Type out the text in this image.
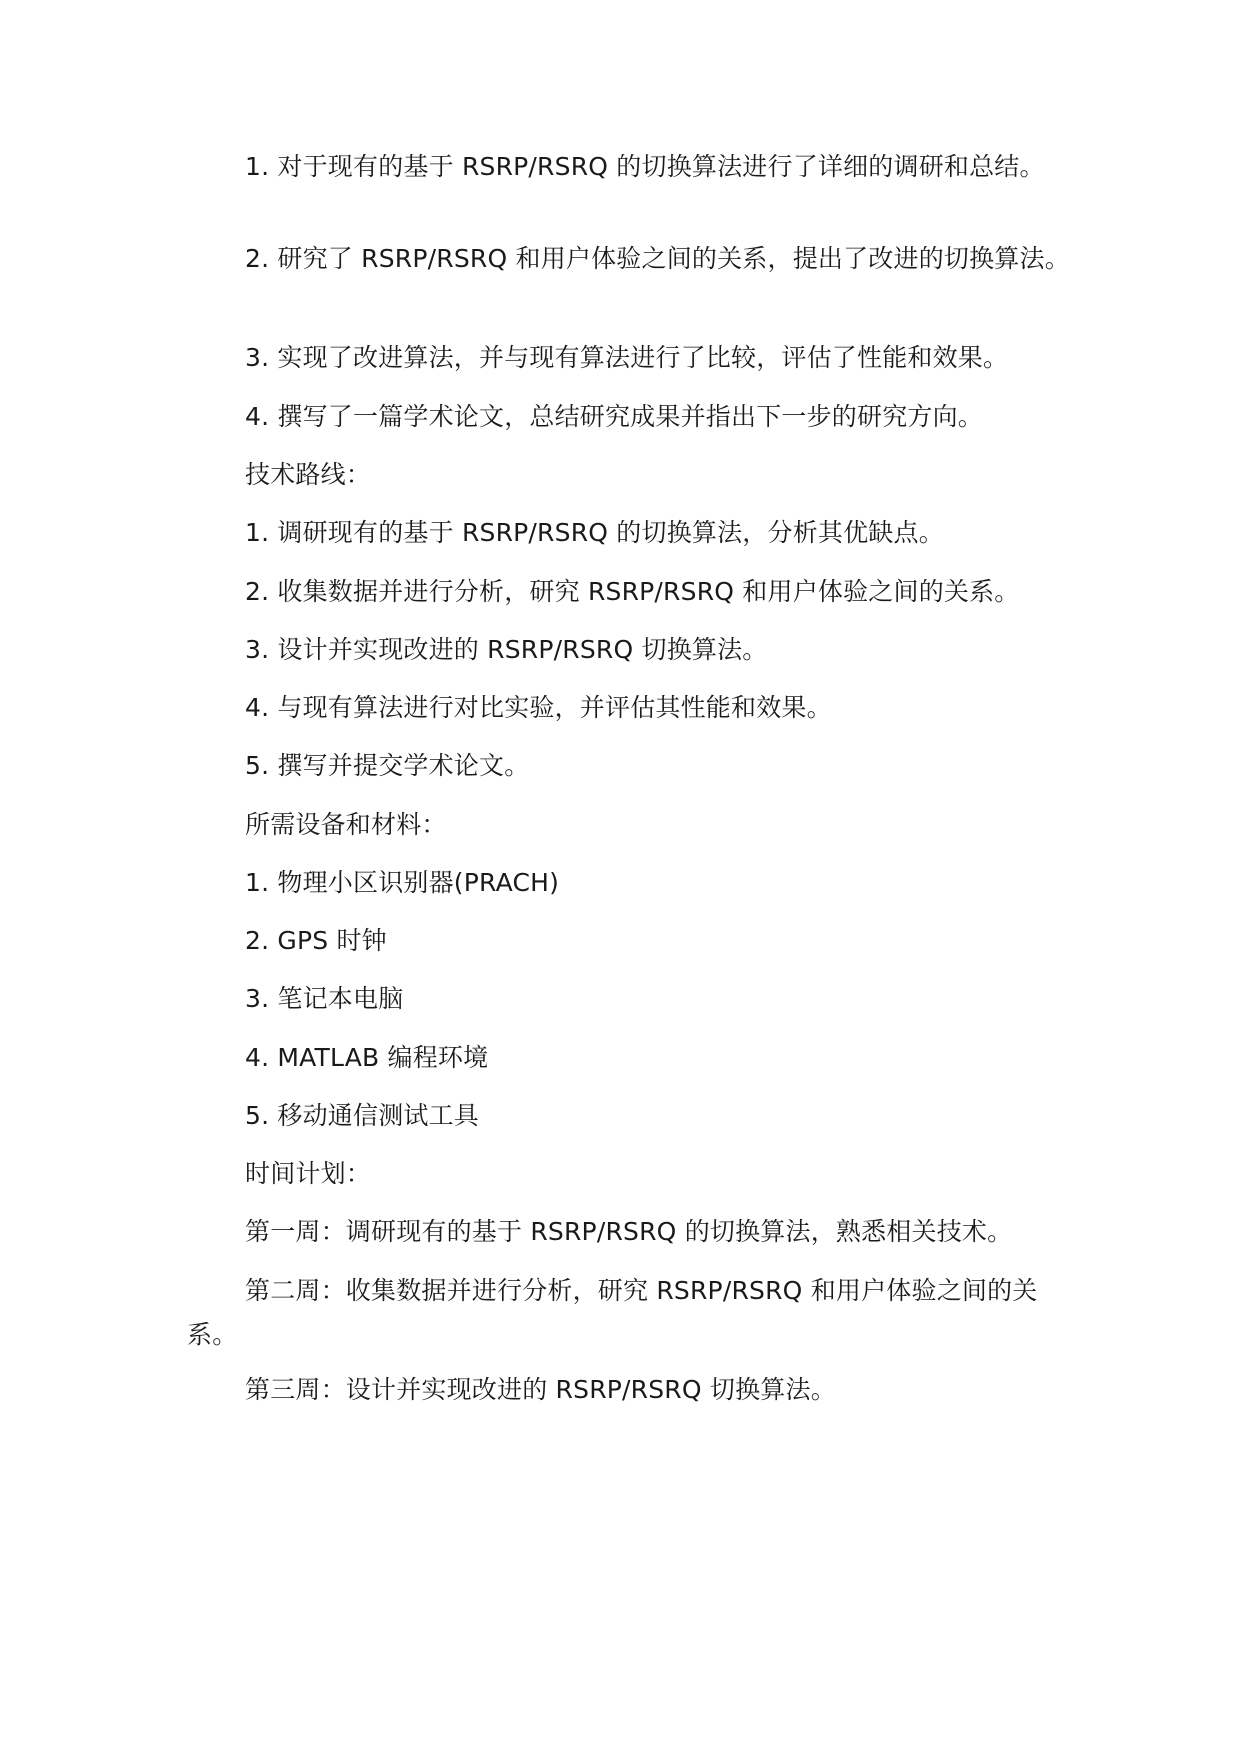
1. 对于现有的基于 RSRP/RSRQ 的切换算法进行了详细的调研和总结。

2. 研究了 RSRP/RSRQ 和用户体验之间的关系，提出了改进的切换算法。

3. 实现了改进算法，并与现有算法进行了比较，评估了性能和效果。

4. 撰写了一篇学术论文，总结研究成果并指出下一步的研究方向。

技术路线：

1. 调研现有的基于 RSRP/RSRQ 的切换算法，分析其优缺点。

2. 收集数据并进行分析，研究 RSRP/RSRQ 和用户体验之间的关系。

3. 设计并实现改进的 RSRP/RSRQ 切换算法。

4. 与现有算法进行对比实验，并评估其性能和效果。

5. 撰写并提交学术论文。

所需设备和材料：

1. 物理小区识别器(PRACH)

2. GPS 时钟

3. 笔记本电脑

4. MATLAB 编程环境

5. 移动通信测试工具

时间计划：

第一周：调研现有的基于 RSRP/RSRQ 的切换算法，熟悉相关技术。

第二周：收集数据并进行分析，研究 RSRP/RSRQ 和用户体验之间的关系。

第三周：设计并实现改进的 RSRP/RSRQ 切换算法。
